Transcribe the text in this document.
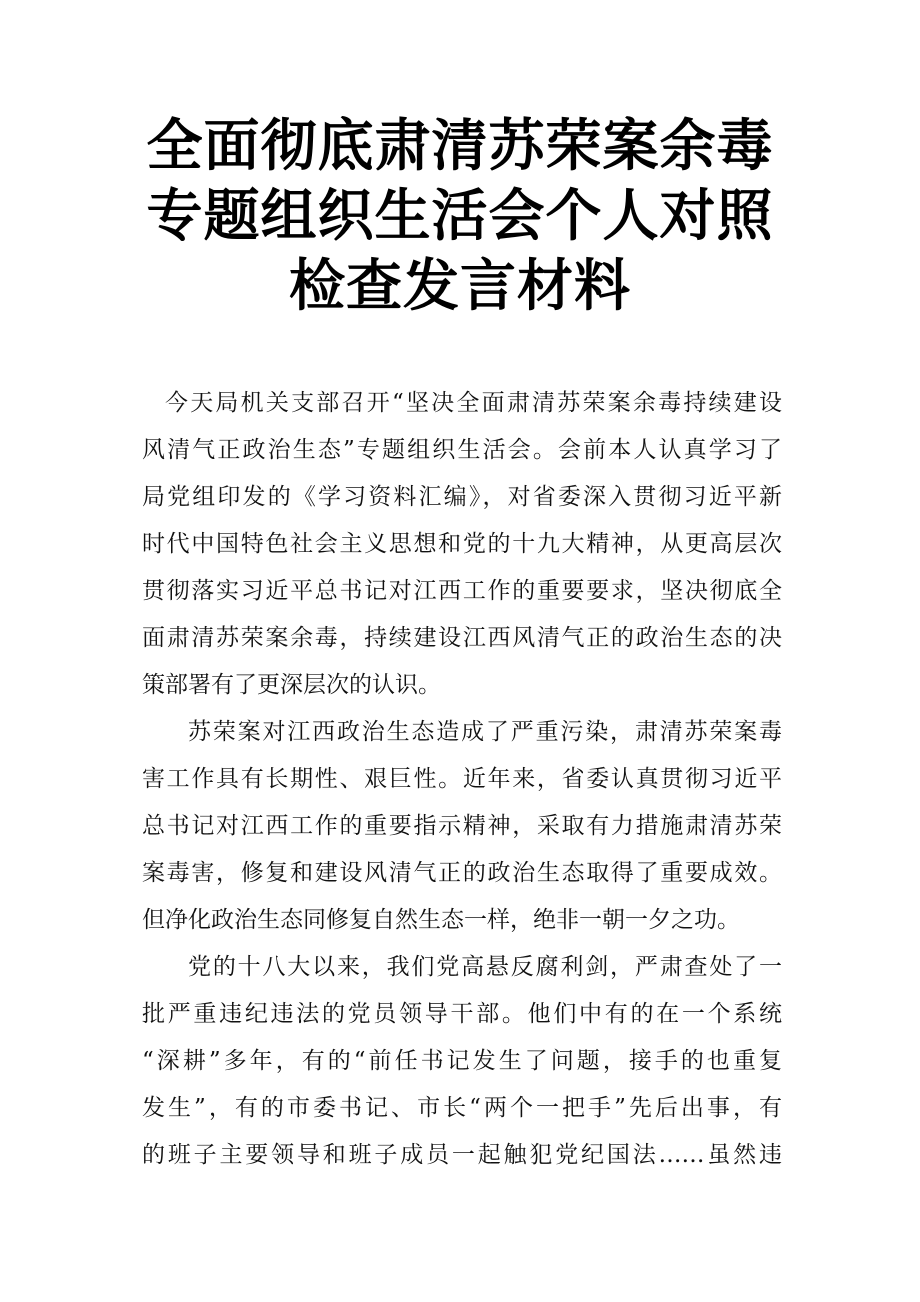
全面彻底肃清苏荣案余毒
专题组织生活会个人对照
检查发言材料
今天局机关支部召开“坚决全面肃清苏荣案余毒持续建设
风清气正政治生态”专题组织生活会。会前本人认真学习了
局党组印发的《学习资料汇编》，对省委深入贯彻习近平新
时代中国特色社会主义思想和党的十九大精神，从更高层次
贯彻落实习近平总书记对江西工作的重要要求，坚决彻底全
面肃清苏荣案余毒，持续建设江西风清气正的政治生态的决
策部署有了更深层次的认识。
苏荣案对江西政治生态造成了严重污染，肃清苏荣案毒
害工作具有长期性、艰巨性。近年来，省委认真贯彻习近平
总书记对江西工作的重要指示精神，采取有力措施肃清苏荣
案毒害，修复和建设风清气正的政治生态取得了重要成效。
但净化政治生态同修复自然生态一样，绝非一朝一夕之功。
党的十八大以来，我们党高悬反腐利剑，严肃查处了一
批严重违纪违法的党员领导干部。他们中有的在一个系统
“深耕”多年，有的“前任书记发生了问题，接手的也重复
发生”，有的市委书记、市长“两个一把手”先后出事，有
的班子主要领导和班子成员一起触犯党纪国法……虽然违
